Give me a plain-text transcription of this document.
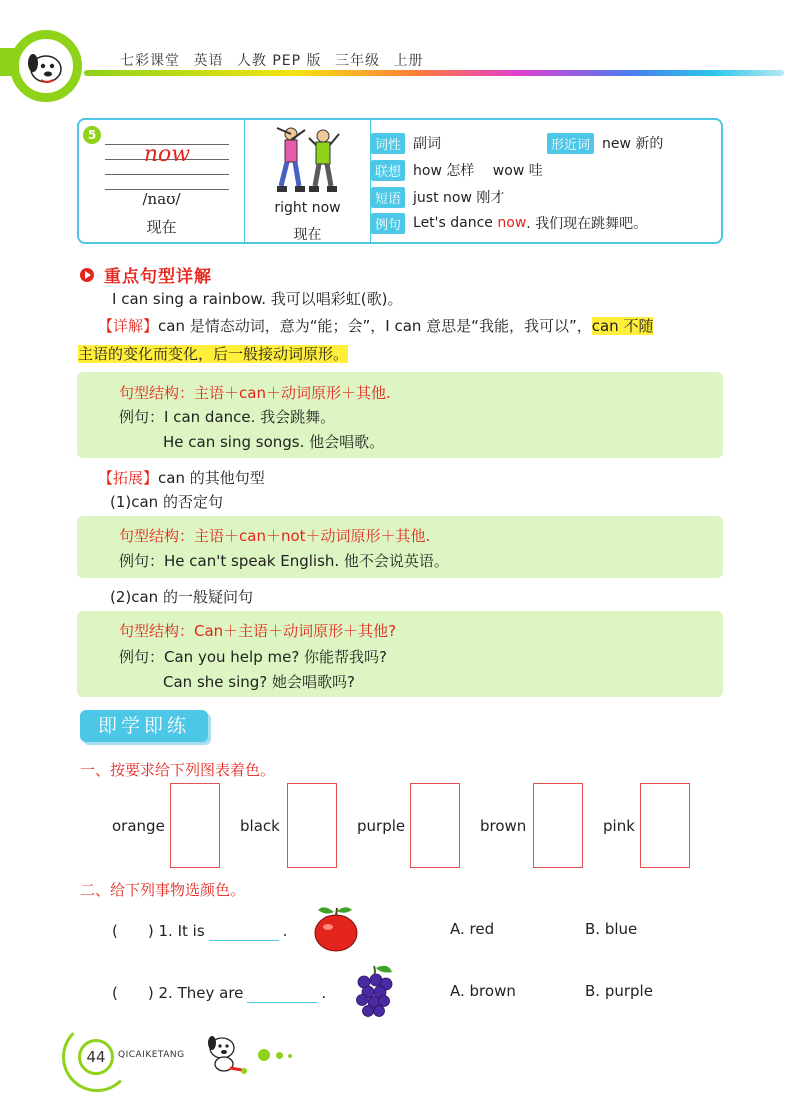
七彩课堂 英语 人教 PEP 版 三年级 上册
5
now
/naʊ/
现在
right now
现在
词性 副词	形近词 new 新的
联想 how 怎样　 wow 哇
短语 just now 刚才
例句 Let's dance now . 我们现在跳舞吧。
重点句型详解
I can sing a rainbow. 我可以唱彩虹(歌)。
【详解】can 是情态动词，意为“能；会”，I can 意思是“我能，我可以”，can 不随
主语的变化而变化，后一般接动词原形。
句型结构：主语＋can＋动词原形＋其他.
例句：I can dance. 我会跳舞。
He can sing songs. 他会唱歌。
【拓展】can 的其他句型
(1)can 的否定句
句型结构：主语＋can＋not＋动词原形＋其他.
例句：He can't speak English. 他不会说英语。
(2)can 的一般疑问句
句型结构：Can＋主语＋动词原形＋其他?
例句：Can you help me? 你能帮我吗?
Can she sing? 她会唱歌吗?
即学即练
一、按要求给下列图表着色。
orange	black	purple	brown	pink
二、给下列事物选颜色。
(　　) 1. It is	.	A. red	B. blue
(　　) 2. They are	.	A. brown	B. purple
44	QICAIKETANG
